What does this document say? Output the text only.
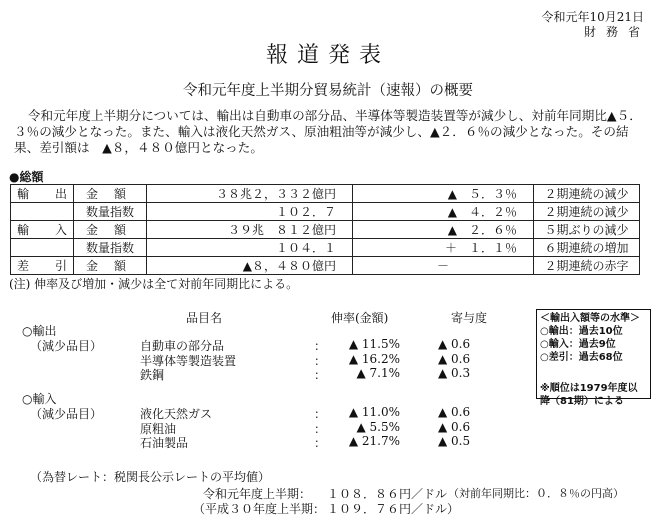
令和元年10月21日
財務省
報道発表
令和元年度上半期分貿易統計（速報）の概要
令和元年度上半期分については、輸出は自動車の部分品、半導体等製造装置等が減少し、対前年同期比▲５．３％の減少となった。また、輸入は液化天然ガス、原油粗油等が減少し、▲２．６％の減少となった。その結果、差引額は　▲８，４８０億円となった。
●総額
輸出	金額	３８兆２，３３２億円	▲　５．３％	２期連続の減少
	数量指数	１０２．７	▲　４．２％	２期連続の減少
輸入	金額	３９兆　８１２億円	▲　２．６％	５期ぶりの減少
	数量指数	１０４．１	＋　１．１％	６期連続の増加
差引	金額	▲８，４８０億円	－	２期連続の赤字
(注) 伸率及び増加・減少は全て対前年同期比による。
品目名	伸率(金額)	寄与度
○輸出
（減少品目）	自動車の部分品	：	▲ 11.5%	▲ 0.6
半導体等製造装置	：	▲ 16.2%	▲ 0.6
鉄鋼	：	▲ 7.1%	▲ 0.3
○輸入
（減少品目）	液化天然ガス	：	▲ 11.0%	▲ 0.6
原粗油	：	▲ 5.5%	▲ 0.6
石油製品	：	▲ 21.7%	▲ 0.5
＜輸出入額等の水準＞
○輸出：過去10位
○輸入：過去9位
○差引：過去68位
※順位は1979年度以降（81期）による
（為替レート：税関長公示レートの平均値）
令和元年度上半期： １０８．８６円／ドル （対前年同期比：０．８％の円高）
（平成３０年度上半期： １０９．７６円／ドル）
